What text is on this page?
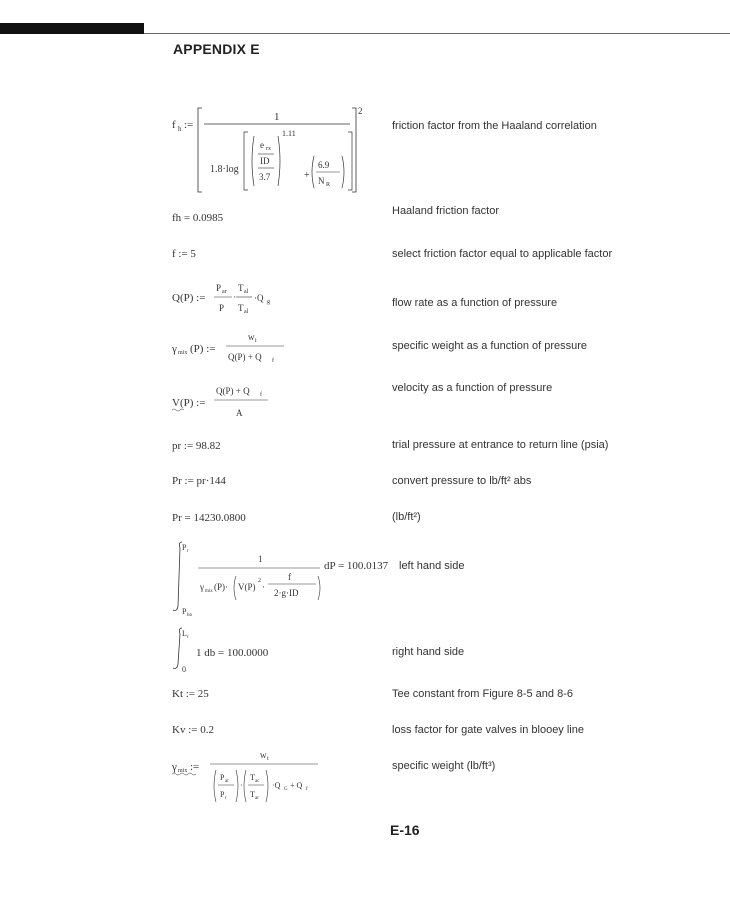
APPENDIX E
f h :=
2
1
1.8·log
e rx
ID
3.7
1.11
+
6.9
N R
friction factor from the Haaland correlation
fh = 0.0985
Haaland friction factor
f := 5	select friction factor equal to applicable factor
Q(P) :=
P ar
P
·
T al
T al
·Q g	flow rate as a function of pressure
γ mix (P) :=
w t
Q(P) + Q f
specific weight as a function of pressure
V(P) :=
Q(P) + Q f
A
velocity as a function of pressure
pr := 98.82	trial pressure at entrance to return line (psia)
Pr := pr·144	convert pressure to lb/ft² abs
Pr = 14230.0800	(lb/ft²)
P r
P bp
1
γ mix (P)· V(P)
2
·
f
2·g·ID
dP = 100.0137 left hand side
L r
0
1 db = 100.0000	right hand side
Kt := 25	Tee constant from Figure 8-5 and 8-6
Kv := 0.2	loss factor for gate valves in blooey line
γ mix :=
w t
P ar
P r
·
T ac
T ar
·Q G + Q f
specific weight (lb/ft³)
E-16
